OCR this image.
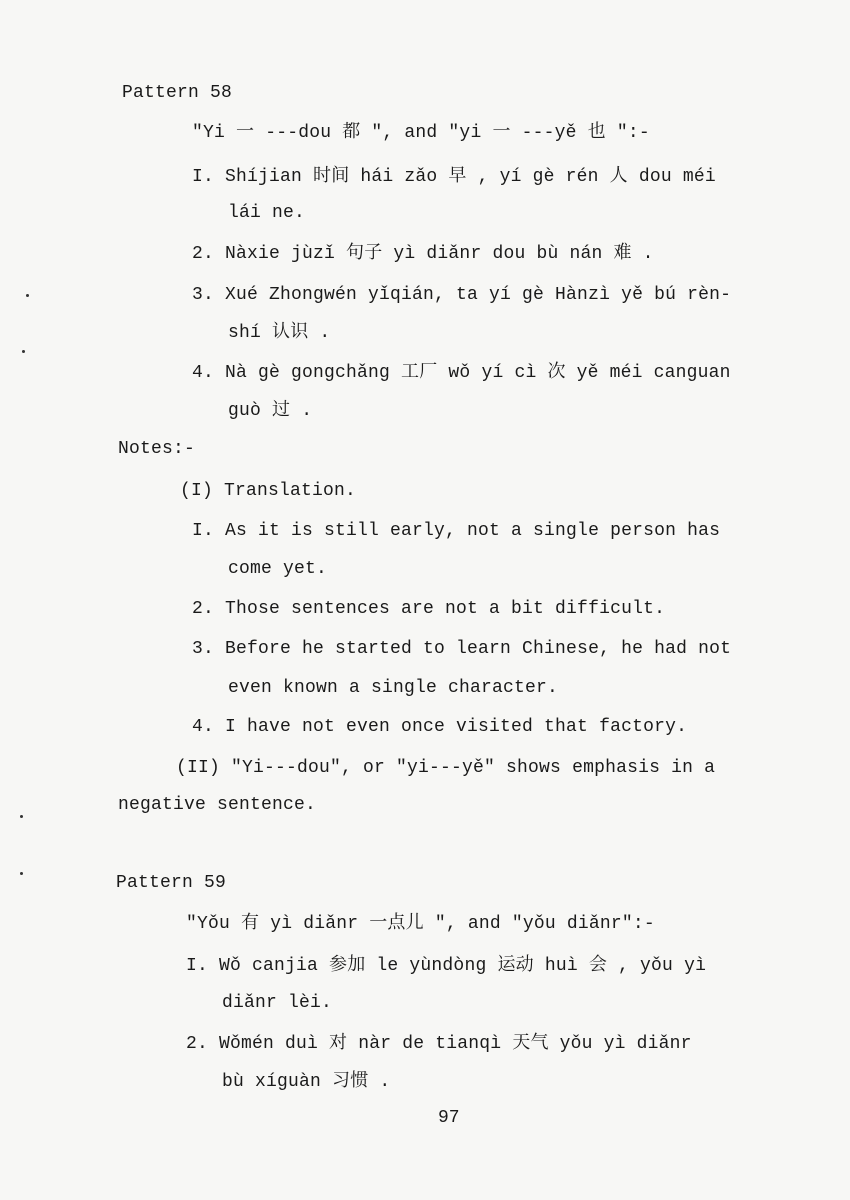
Pattern 58
"Yi 一 ---dou 都 ", and "yi 一 ---yě 也 ":-
I. Shíjian 时间 hái zǎo 早 , yí gè rén 人 dou méi
lái ne.
2. Nàxie jùzǐ 句子 yì diǎnr dou bù nán 难 .
3. Xué Zhongwén yǐqián, ta yí gè Hànzì yě bú rèn-
shí 认识 .
4. Nà gè gongchǎng 工厂 wǒ yí cì 次 yě méi canguan
guò 过 .
Notes:-
(I) Translation.
I. As it is still early, not a single person has
come yet.
2. Those sentences are not a bit difficult.
3. Before he started to learn Chinese, he had not
even known a single character.
4. I have not even once visited that factory.
(II) "Yi---dou", or "yi---yě" shows emphasis in a
negative sentence.
Pattern 59
"Yǒu 有 yì diǎnr 一点儿 ", and "yǒu diǎnr":-
I. Wǒ canjia 参加 le yùndòng 运动 huì 会 , yǒu yì
diǎnr lèi.
2. Wǒmén duì 对 nàr de tianqì 天气 yǒu yì diǎnr
bù xíguàn 习惯 .
97
